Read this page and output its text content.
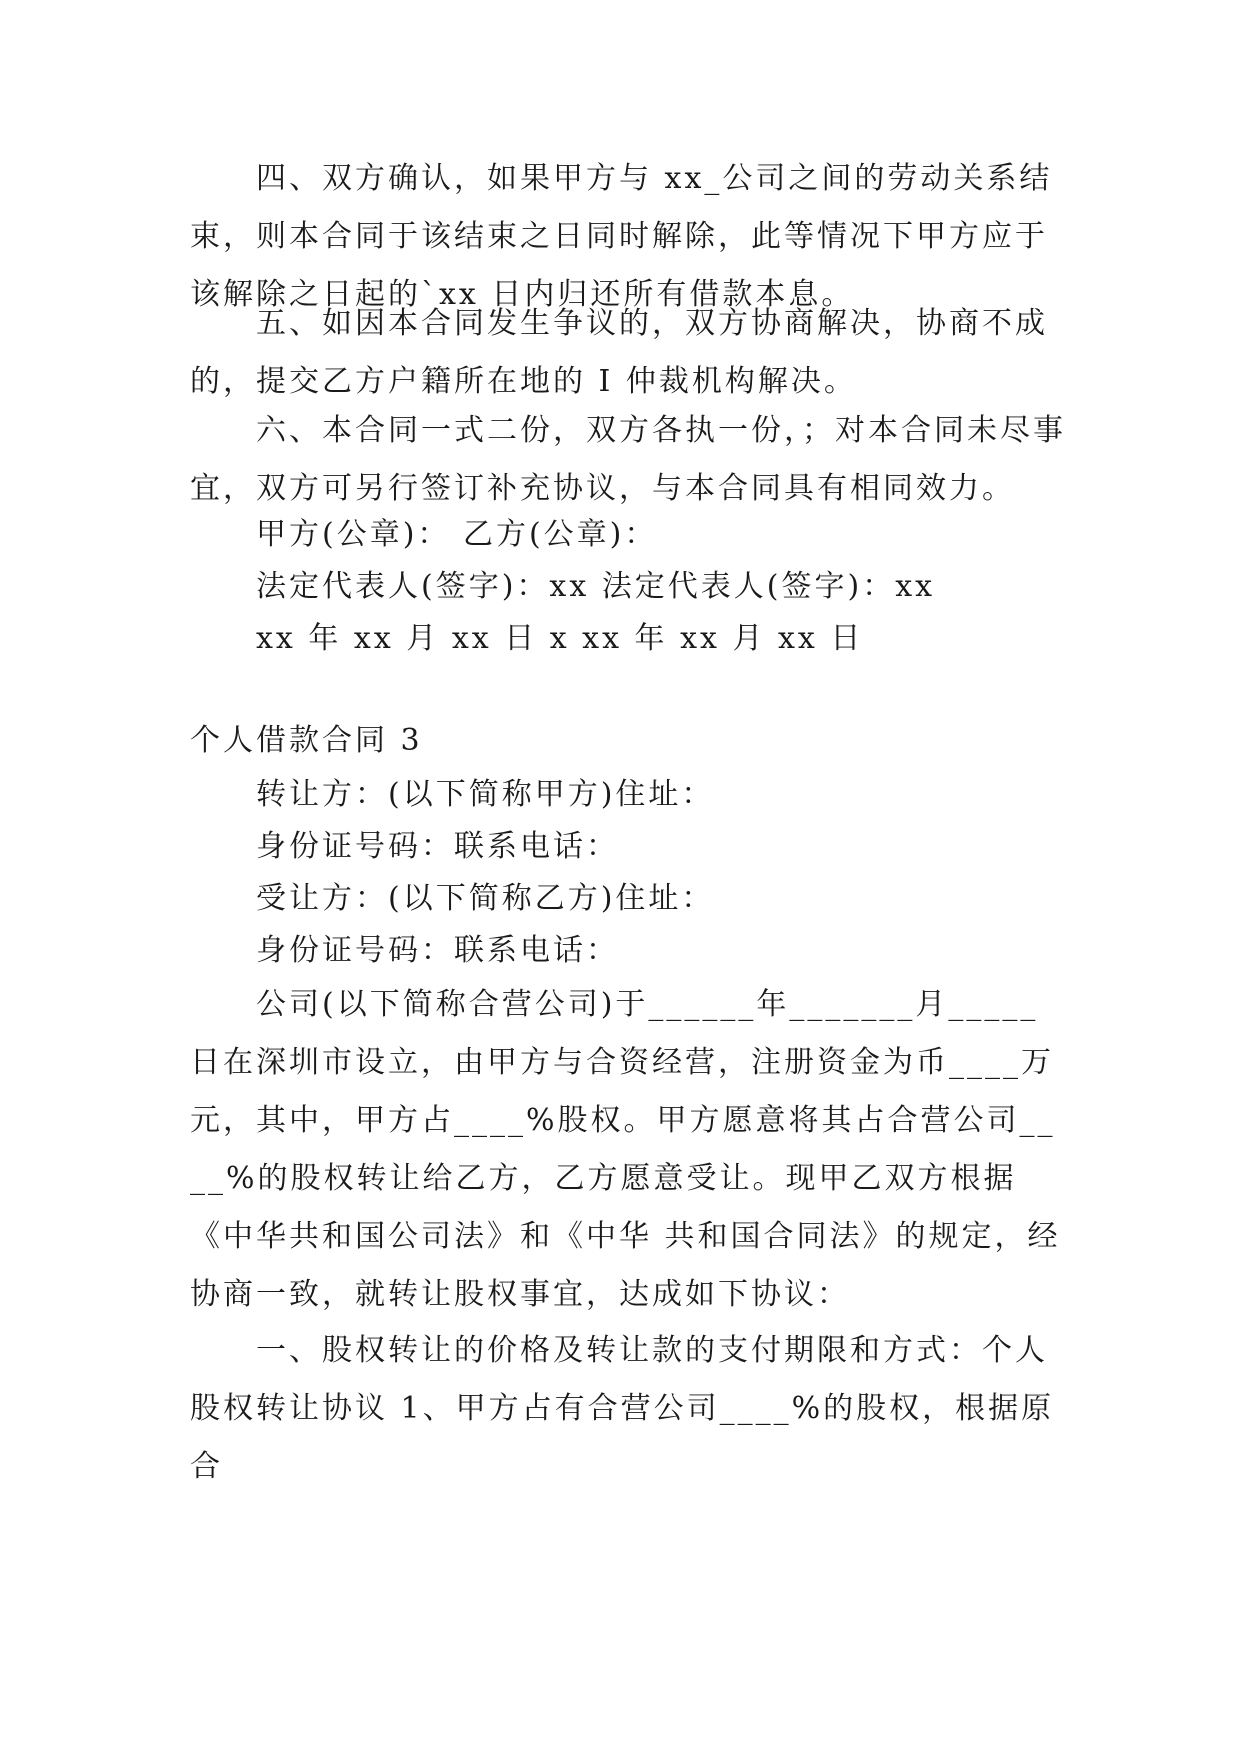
四、双方确认，如果甲方与 xx_公司之间的劳动关系结束，则本合同于该结束之日同时解除，此等情况下甲方应于该解除之日起的`xx 日内归还所有借款本息。

五、如因本合同发生争议的，双方协商解决，协商不成的，提交乙方户籍所在地的 I 仲裁机构解决。

六、本合同一式二份，双方各执一份，；对本合同未尽事宜，双方可另行签订补充协议，与本合同具有相同效力。

甲方(公章)： 乙方(公章)：

法定代表人(签字)：xx 法定代表人(签字)：xx

xx 年 xx 月 xx 日 x xx 年 xx 月 xx 日

个人借款合同 3

转让方：(以下简称甲方)住址：

身份证号码：联系电话：

受让方：(以下简称乙方)住址：

身份证号码：联系电话：

公司(以下简称合营公司)于______年_______月_____日在深圳市设立，由甲方与合资经营，注册资金为币____万元，其中，甲方占____%股权。甲方愿意将其占合营公司____%的股权转让给乙方，乙方愿意受让。现甲乙双方根据《中华共和国公司法》和《中华 共和国合同法》的规定，经协商一致，就转让股权事宜，达成如下协议：

一、股权转让的价格及转让款的支付期限和方式：个人股权转让协议 1、甲方占有合营公司____%的股权，根据原合
